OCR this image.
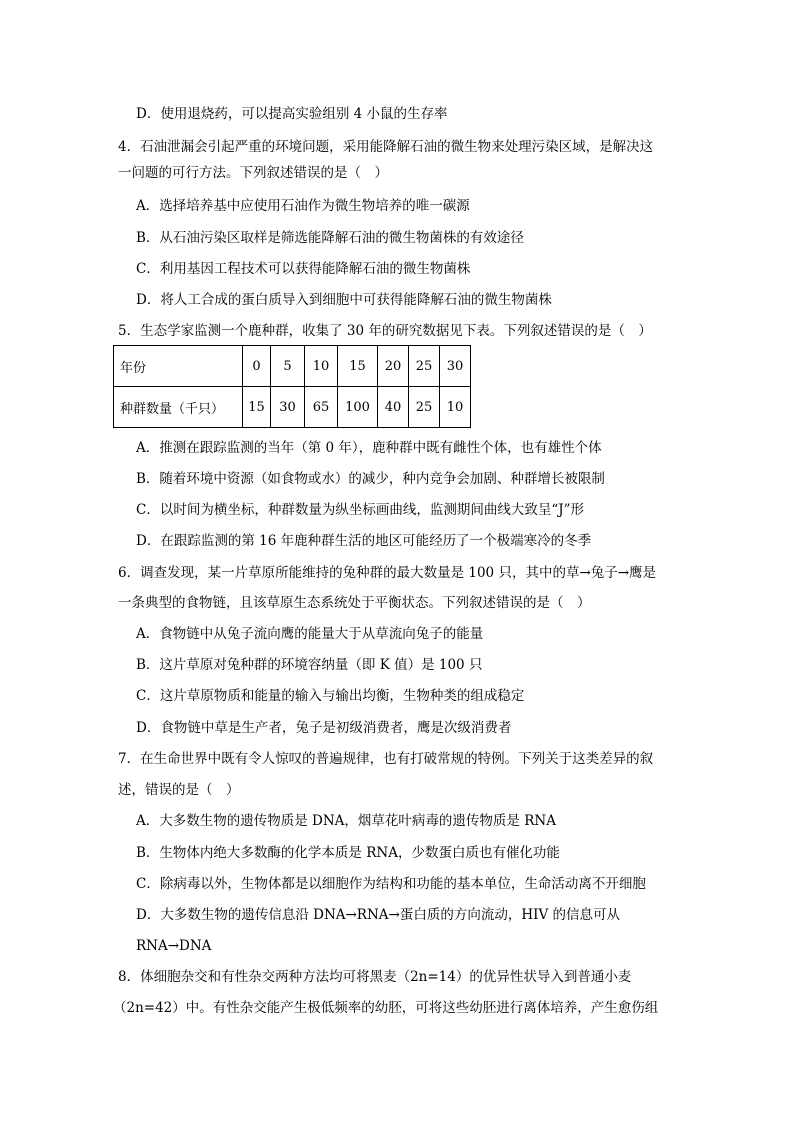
D．使用退烧药，可以提高实验组别 4 小鼠的生存率
4．石油泄漏会引起严重的环境问题，采用能降解石油的微生物来处理污染区域，是解决这
一问题的可行方法。下列叙述错误的是（　）
A．选择培养基中应使用石油作为微生物培养的唯一碳源
B．从石油污染区取样是筛选能降解石油的微生物菌株的有效途径
C．利用基因工程技术可以获得能降解石油的微生物菌株
D．将人工合成的蛋白质导入到细胞中可获得能降解石油的微生物菌株
5．生态学家监测一个鹿种群，收集了 30 年的研究数据见下表。下列叙述错误的是（　）
年份	0	5	10	15	20	25	30
种群数量（千只）	15	30	65	100	40	25	10
A．推测在跟踪监测的当年（第 0 年），鹿种群中既有雌性个体，也有雄性个体
B．随着环境中资源（如食物或水）的减少，种内竞争会加剧、种群增长被限制
C．以时间为横坐标，种群数量为纵坐标画曲线，监测期间曲线大致呈“J”形
D．在跟踪监测的第 16 年鹿种群生活的地区可能经历了一个极端寒冷的冬季
6．调查发现，某一片草原所能维持的兔种群的最大数量是 100 只，其中的草→兔子→鹰是
一条典型的食物链，且该草原生态系统处于平衡状态。下列叙述错误的是（　）
A．食物链中从兔子流向鹰的能量大于从草流向兔子的能量
B．这片草原对兔种群的环境容纳量（即 K 值）是 100 只
C．这片草原物质和能量的输入与输出均衡，生物种类的组成稳定
D．食物链中草是生产者，兔子是初级消费者，鹰是次级消费者
7．在生命世界中既有令人惊叹的普遍规律，也有打破常规的特例。下列关于这类差异的叙
述，错误的是（　）
A．大多数生物的遗传物质是 DNA，烟草花叶病毒的遗传物质是 RNA
B．生物体内绝大多数酶的化学本质是 RNA，少数蛋白质也有催化功能
C．除病毒以外，生物体都是以细胞作为结构和功能的基本单位，生命活动离不开细胞
D．大多数生物的遗传信息沿 DNA→RNA→蛋白质的方向流动，HIV 的信息可从
RNA→DNA
8．体细胞杂交和有性杂交两种方法均可将黑麦（2n=14）的优异性状导入到普通小麦
（2n=42）中。有性杂交能产生极低频率的幼胚，可将这些幼胚进行离体培养，产生愈伤组
